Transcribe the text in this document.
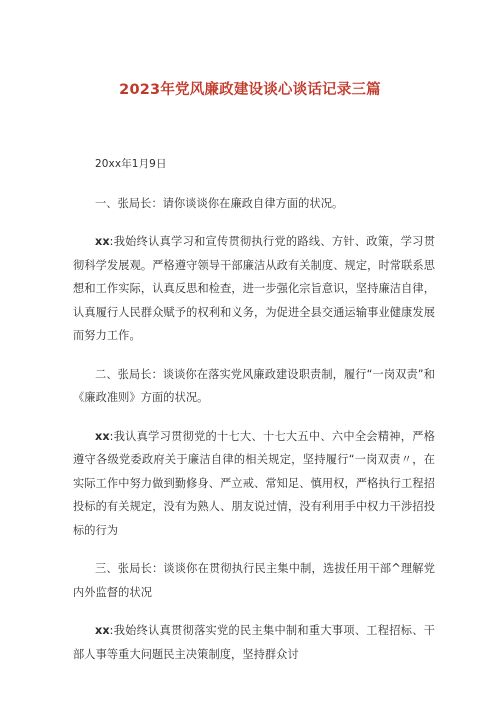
2023年党风廉政建设谈心谈话记录三篇

20xx年1月9日

一、张局长：请你谈谈你在廉政自律方面的状况。

xx:我始终认真学习和宣传贯彻执行党的路线、方针、政策，学习贯彻科学发展观。严格遵守领导干部廉洁从政有关制度、规定，时常联系思想和工作实际，认真反思和检查，进一步强化宗旨意识，坚持廉洁自律，认真履行人民群众赋予的权利和义务，为促进全县交通运输事业健康发展而努力工作。

二、张局长：谈谈你在落实党风廉政建设职责制，履行“一岗双责”和《廉政准则》方面的状况。

xx:我认真学习贯彻党的十七大、十七大五中、六中全会精神，严格遵守各级党委政府关于廉洁自律的相关规定，坚持履行“一岗双责〃，在实际工作中努力做到勤修身、严立戒、常知足、慎用权，严格执行工程招投标的有关规定，没有为熟人、朋友说过情，没有利用手中权力干涉招投标的行为

三、张局长：谈谈你在贯彻执行民主集中制，选拔任用干部^理解党内外监督的状况

xx:我始终认真贯彻落实党的民主集中制和重大事项、工程招标、干部人事等重大问题民主决策制度，坚持群众讨
